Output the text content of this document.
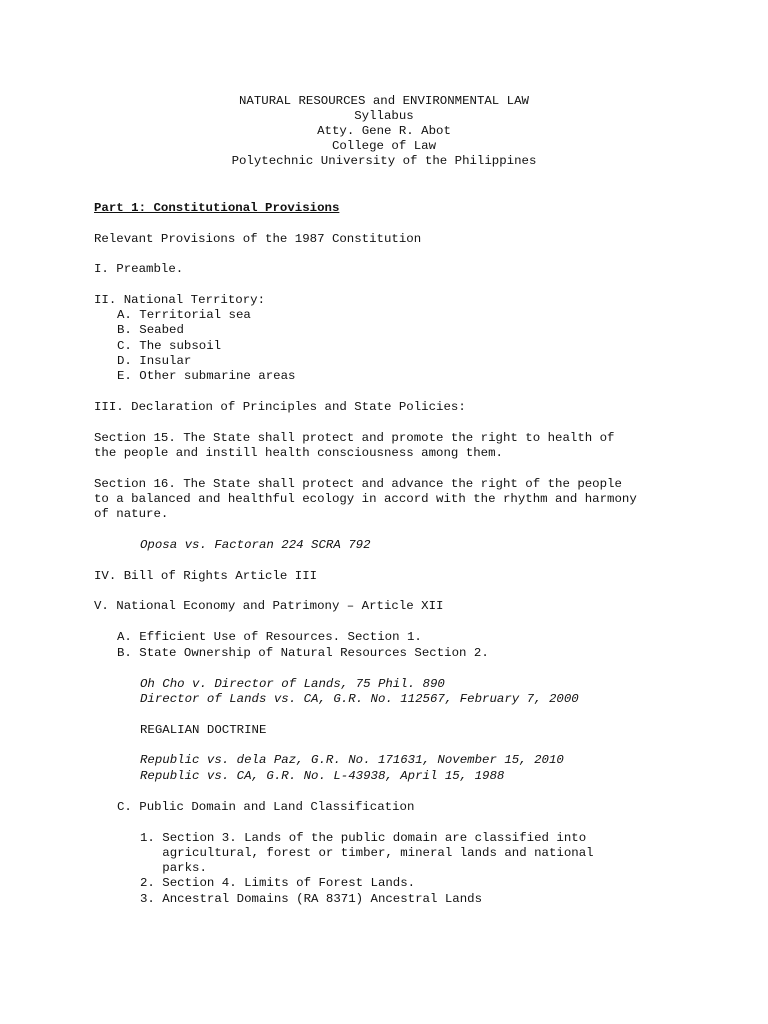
NATURAL RESOURCES and ENVIRONMENTAL LAW
Syllabus
Atty. Gene R. Abot
College of Law
Polytechnic University of the Philippines
Part 1: Constitutional Provisions
Relevant Provisions of the 1987 Constitution
I. Preamble.
II. National Territory:
A. Territorial sea
B. Seabed
C. The subsoil
D. Insular
E. Other submarine areas
III. Declaration of Principles and State Policies:
Section 15. The State shall protect and promote the right to health of
the people and instill health consciousness among them.
Section 16. The State shall protect and advance the right of the people
to a balanced and healthful ecology in accord with the rhythm and harmony
of nature.
Oposa vs. Factoran 224 SCRA 792
IV. Bill of Rights Article III
V. National Economy and Patrimony – Article XII
A. Efficient Use of Resources. Section 1.
B. State Ownership of Natural Resources Section 2.
Oh Cho v. Director of Lands, 75 Phil. 890
Director of Lands vs. CA, G.R. No. 112567, February 7, 2000
REGALIAN DOCTRINE
Republic vs. dela Paz, G.R. No. 171631, November 15, 2010
Republic vs. CA, G.R. No. L-43938, April 15, 1988
C. Public Domain and Land Classification
1. Section 3. Lands of the public domain are classified into
agricultural, forest or timber, mineral lands and national
parks.
2. Section 4. Limits of Forest Lands.
3. Ancestral Domains (RA 8371) Ancestral Lands
